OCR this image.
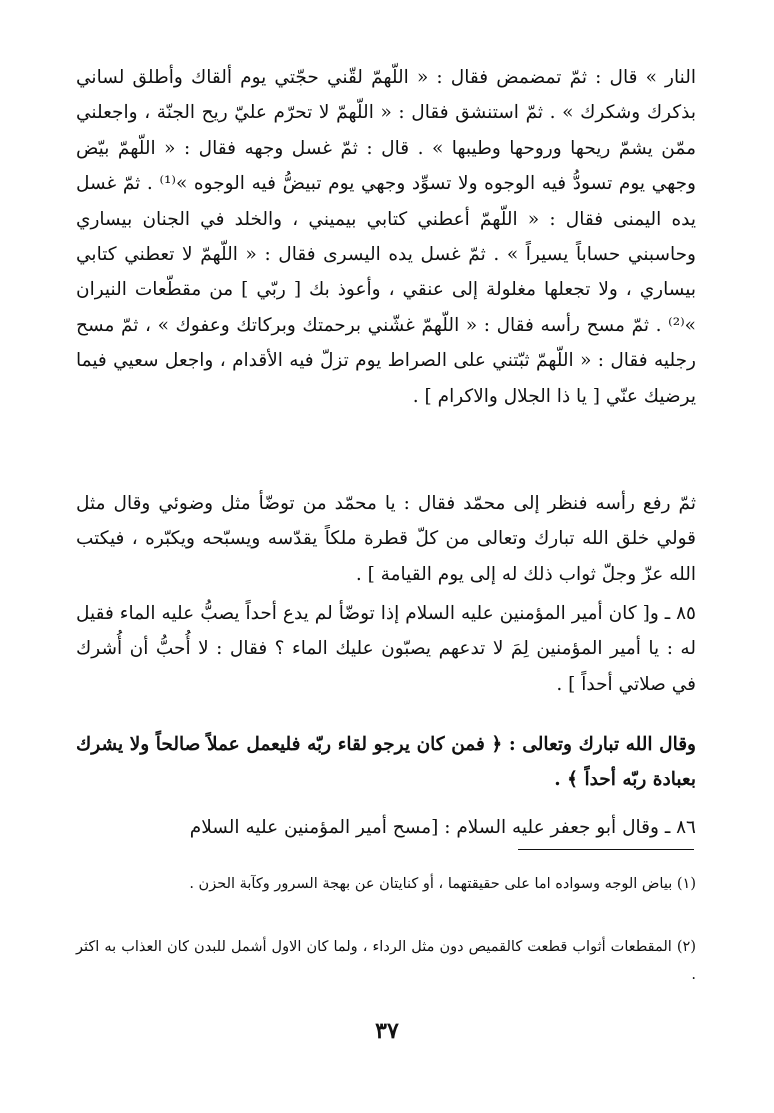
النار » قال : ثمّ تمضمض فقال : « اللّهمّ لقّني حجّتي يوم ألقاك وأطلق لساني بذكرك وشكرك » . ثمّ استنشق فقال : « اللّهمّ لا تحرّم عليّ ريح الجنّة ، واجعلني ممّن يشمّ ريحها وروحها وطيبها » . قال : ثمّ غسل وجهه فقال : « اللّهمّ بيّض وجهي يوم تسودُّ فيه الوجوه ولا تسوِّد وجهي يوم تبيضُّ فيه الوجوه »⁽¹⁾ . ثمّ غسل يده اليمنى فقال : « اللّهمّ أعطني كتابي بيميني ، والخلد في الجنان بيساري وحاسبني حساباً يسيراً » . ثمّ غسل يده اليسرى فقال : « اللّهمّ لا تعطني كتابي بيساري ، ولا تجعلها مغلولة إلى عنقي ، وأعوذ بك [ ربّي ] من مقطّعات النيران »⁽²⁾ . ثمّ مسح رأسه فقال : « اللّهمّ غشّني برحمتك وبركاتك وعفوك » ، ثمّ مسح رجليه فقال : « اللّهمّ ثبّتني على الصراط يوم تزلّ فيه الأقدام ، واجعل سعيي فيما يرضيك عنّي [ يا ذا الجلال والاكرام ] .

ثمّ رفع رأسه فنظر إلى محمّد فقال : يا محمّد من توضّأ مثل وضوئي وقال مثل قولي خلق الله تبارك وتعالى من كلّ قطرة ملكاً يقدّسه ويسبّحه ويكبّره ، فيكتب الله عزّ وجلّ ثواب ذلك له إلى يوم القيامة ] .

٨٥ ـ و[ كان أمير المؤمنين عليه السلام إذا توضّأ لم يدع أحداً يصبُّ عليه الماء فقيل له : يا أمير المؤمنين لِمَ لا تدعهم يصبّون عليك الماء ؟ فقال : لا أُحبُّ أن أُشرك في صلاتي أحداً ] .

وقال الله تبارك وتعالى : ﴿ فمن كان يرجو لقاء ربّه فليعمل عملاً صالحاً ولا يشرك بعبادة ربّه أحداً ﴾ .

٨٦ ـ وقال أبو جعفر عليه السلام : [مسح أمير المؤمنين عليه السلام

(١) بياض الوجه وسواده اما على حقيقتهما ، أو كنايتان عن بهجة السرور وكآبة الحزن .

(٢) المقطعات أثواب قطعت كالقميص دون مثل الرداء ، ولما كان الاول أشمل للبدن كان العذاب به اكثر .

٣٧
